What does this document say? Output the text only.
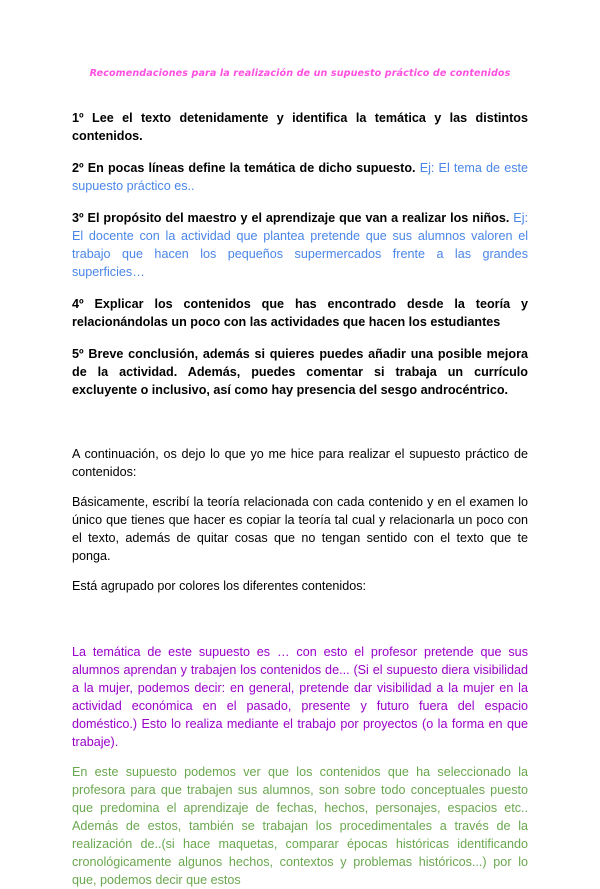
Recomendaciones para la realización de un supuesto práctico de contenidos

1º Lee el texto detenidamente y identifica la temática y las distintos contenidos.

2º En pocas líneas define la temática de dicho supuesto. Ej: El tema de este supuesto práctico es..

3º El propósito del maestro y el aprendizaje que van a realizar los niños. Ej: El docente con la actividad que plantea pretende que sus alumnos valoren el trabajo que hacen los pequeños supermercados frente a las grandes superficies…

4º Explicar los contenidos que has encontrado desde la teoría y relacionándolas un poco con las actividades que hacen los estudiantes

5º Breve conclusión, además si quieres puedes añadir una posible mejora de la actividad. Además, puedes comentar si trabaja un currículo excluyente o inclusivo, así como hay presencia del sesgo androcéntrico.

A continuación, os dejo lo que yo me hice para realizar el supuesto práctico de contenidos:

Básicamente, escribí la teoría relacionada con cada contenido y en el examen lo único que tienes que hacer es copiar la teoría tal cual y relacionarla un poco con el texto, además de quitar cosas que no tengan sentido con el texto que te ponga.

Está agrupado por colores los diferentes contenidos:

La temática de este supuesto es … con esto el profesor pretende que sus alumnos aprendan y trabajen los contenidos de... (Si el supuesto diera visibilidad a la mujer, podemos decir: en general, pretende dar visibilidad a la mujer en la actividad económica en el pasado, presente y futuro fuera del espacio doméstico.) Esto lo realiza mediante el trabajo por proyectos (o la forma en que trabaje).

En este supuesto podemos ver que los contenidos que ha seleccionado la profesora para que trabajen sus alumnos, son sobre todo conceptuales puesto que predomina el aprendizaje de fechas, hechos, personajes, espacios etc.. Además de estos, también se trabajan los procedimentales a través de la realización de..(si hace maquetas, comparar épocas históricas identificando cronológicamente algunos hechos, contextos y problemas históricos...) por lo que, podemos decir que estos
